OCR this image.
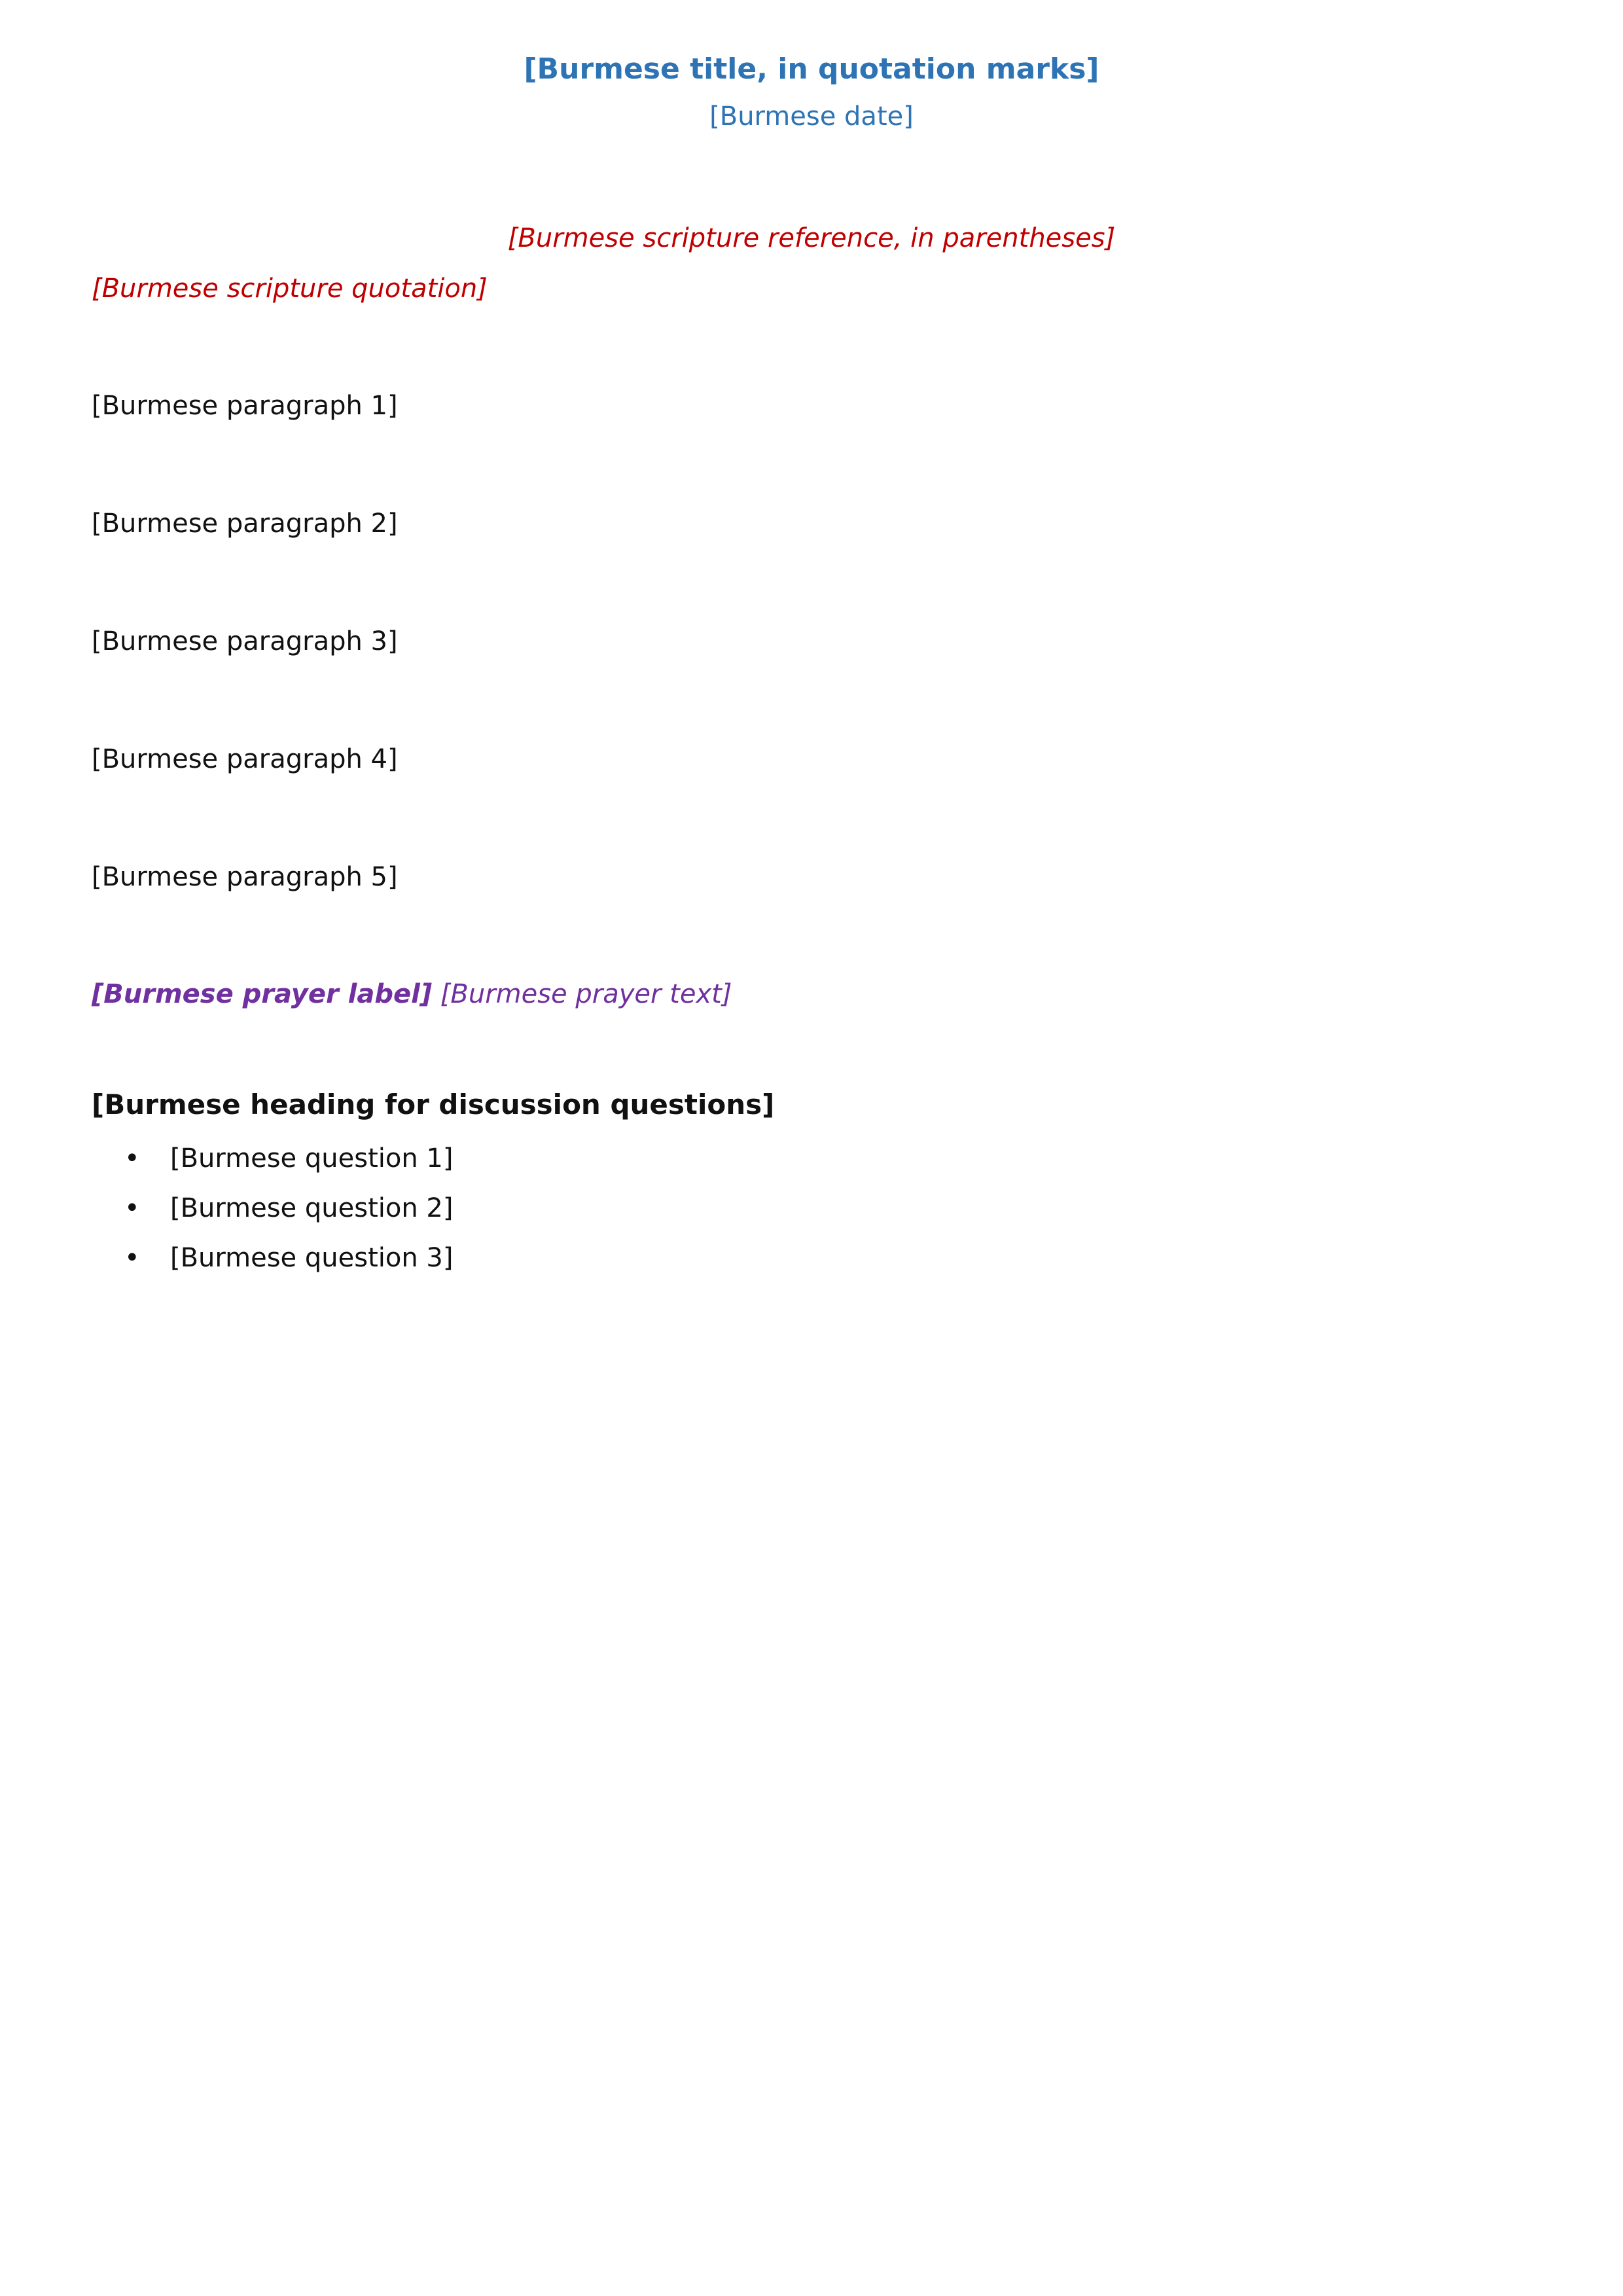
[Burmese title, in quotation marks]
[Burmese date]
[Burmese scripture reference, in parentheses]
[Burmese scripture quotation]
[Burmese paragraph 1]
[Burmese paragraph 2]
[Burmese paragraph 3]
[Burmese paragraph 4]
[Burmese paragraph 5]
[Burmese prayer label] [Burmese prayer text]
[Burmese heading for discussion questions]
• [Burmese question 1]
• [Burmese question 2]
• [Burmese question 3]
